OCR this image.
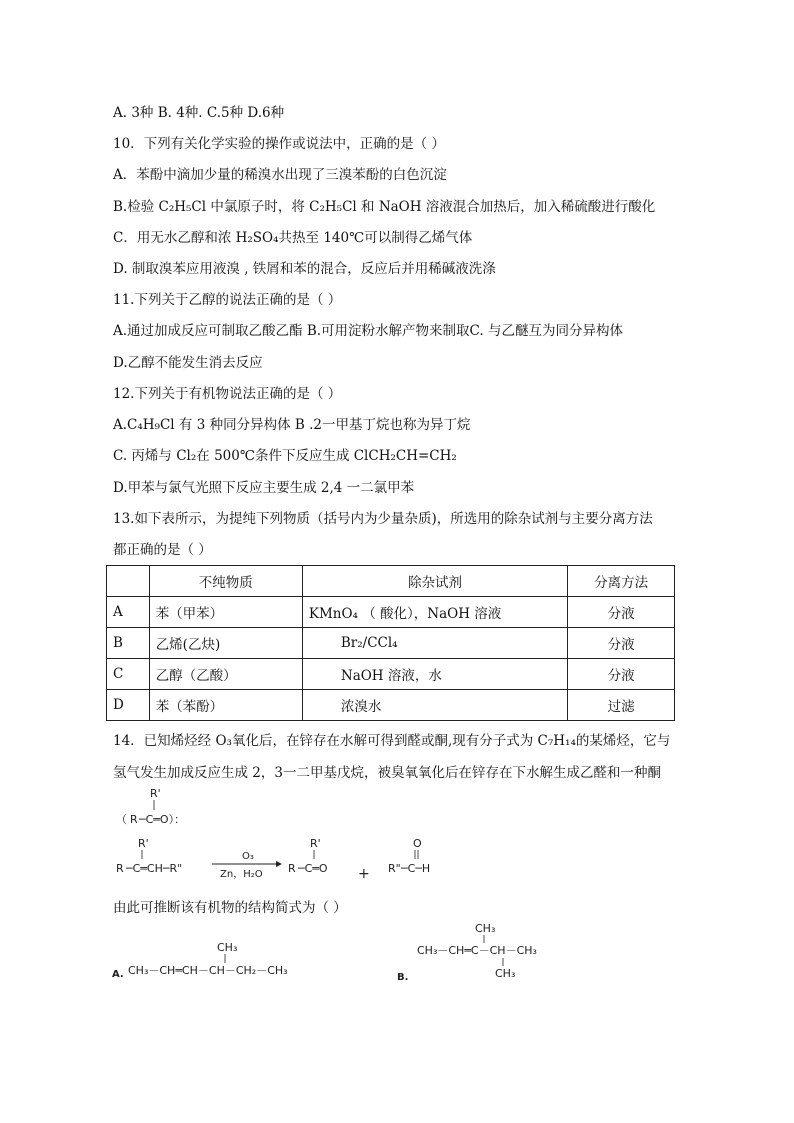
A. 3种 B. 4种. C.5种 D.6种
10．下列有关化学实验的操作或说法中，正确的是（ ）
A．苯酚中滴加少量的稀溴水出现了三溴苯酚的白色沉淀
B.检验 C₂H₅Cl 中氯原子时，将 C₂H₅Cl 和 NaOH 溶液混合加热后，加入稀硫酸进行酸化
C．用无水乙醇和浓 H₂SO₄共热至 140℃可以制得乙烯气体
D. 制取溴苯应用液溴 , 铁屑和苯的混合，反应后并用稀碱液洗涤
11.下列关于乙醇的说法正确的是（ ）
A.通过加成反应可制取乙酸乙酯 B.可用淀粉水解产物来制取C. 与乙醚互为同分异构体
D.乙醇不能发生消去反应
12.下列关于有机物说法正确的是（ ）
A.C₄H₉Cl 有 3 种同分异构体 B .2一甲基丁烷也称为异丁烷
C. 丙烯与 Cl₂在 500℃条件下反应生成 ClCH₂CH=CH₂
D.甲苯与氯气光照下反应主要生成 2,4 一二氯甲苯
13.如下表所示，为提纯下列物质（括号内为少量杂质)，所选用的除杂试剂与主要分离方法
都正确的是（ ）
	不纯物质	除杂试剂	分离方法
A	苯（甲苯）	KMnO₄ （ 酸化），NaOH 溶液	分液
B	乙烯(乙炔)	Br₂/CCl₄	分液
C	乙醇（乙酸）	NaOH 溶液，水	分液
D	苯（苯酚）	浓溴水	过滤
14．已知烯烃经 O₃氧化后，在锌存在水解可得到醛或酮,现有分子式为 C₇H₁₄的某烯烃，它与
氢气发生加成反应生成 2，3一二甲基戊烷，被臭氧氧化后在锌存在下水解生成乙醛和一种酮
R'
（ R ─C═O）：
R'
R ─C═CH─R"
O₃
Zn，H₂O
R'
R ─C═O +
O
R" ─C─H
由此可推断该有机物的结构简式为（ ）
CH₃
A. CH₃－CH═CH－CH－CH₂－CH₃
CH₃
CH₃－CH═C－CH－CH₃
CH₃
B.
